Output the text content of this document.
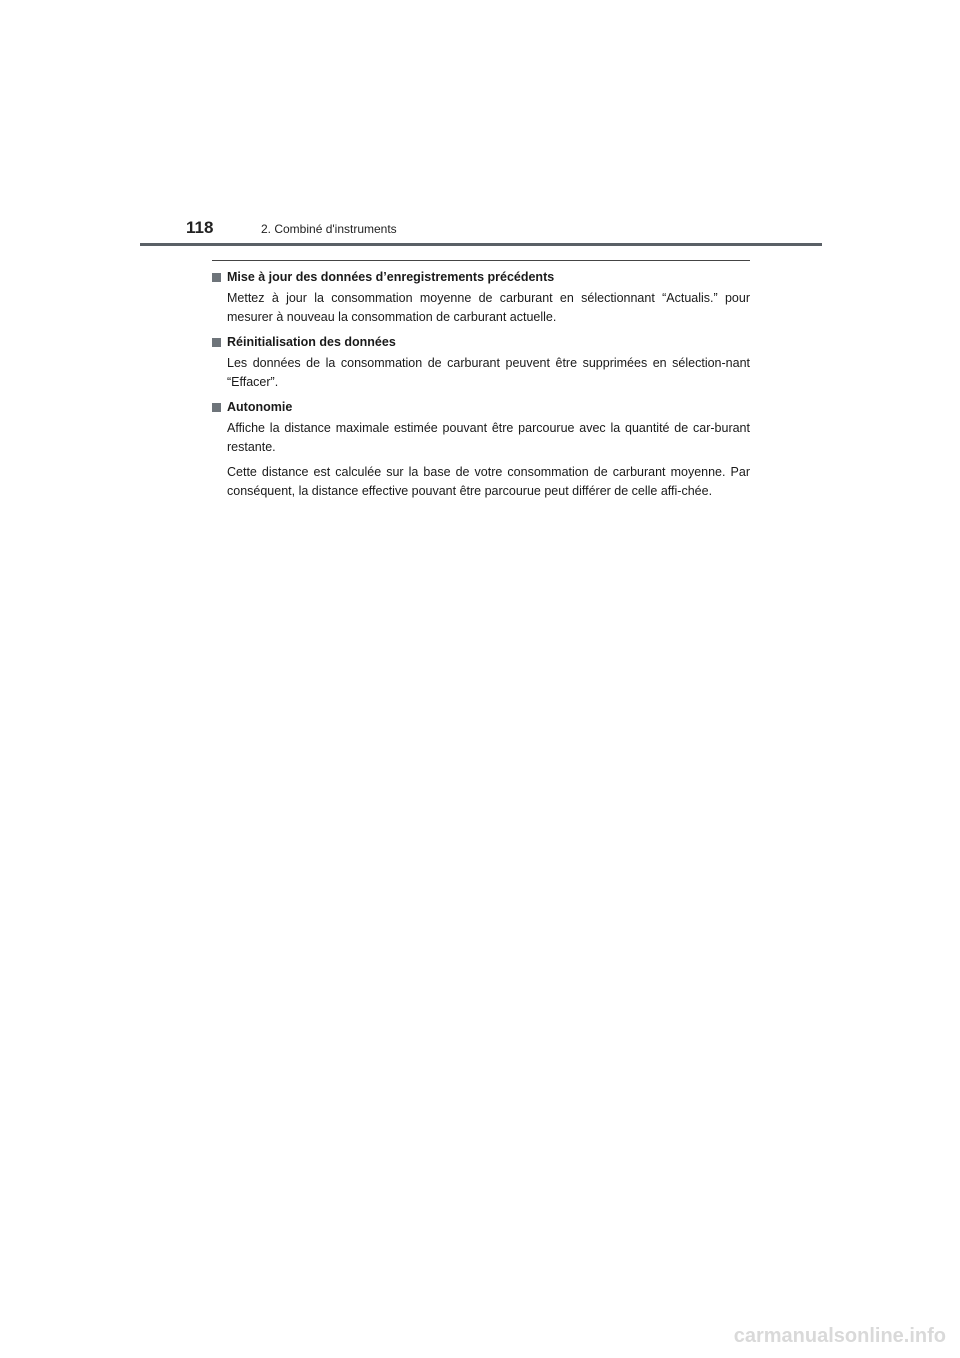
118	2. Combiné d'instruments
Mise à jour des données d’enregistrements précédents

Mettez à jour la consommation moyenne de carburant en sélectionnant “Actualis.” pour mesurer à nouveau la consommation de carburant actuelle.

Réinitialisation des données

Les données de la consommation de carburant peuvent être supprimées en sélection-nant “Effacer”.

Autonomie

Affiche la distance maximale estimée pouvant être parcourue avec la quantité de car-burant restante.

Cette distance est calculée sur la base de votre consommation de carburant moyenne. Par conséquent, la distance effective pouvant être parcourue peut différer de celle affi-chée.

carmanualsonline.info
